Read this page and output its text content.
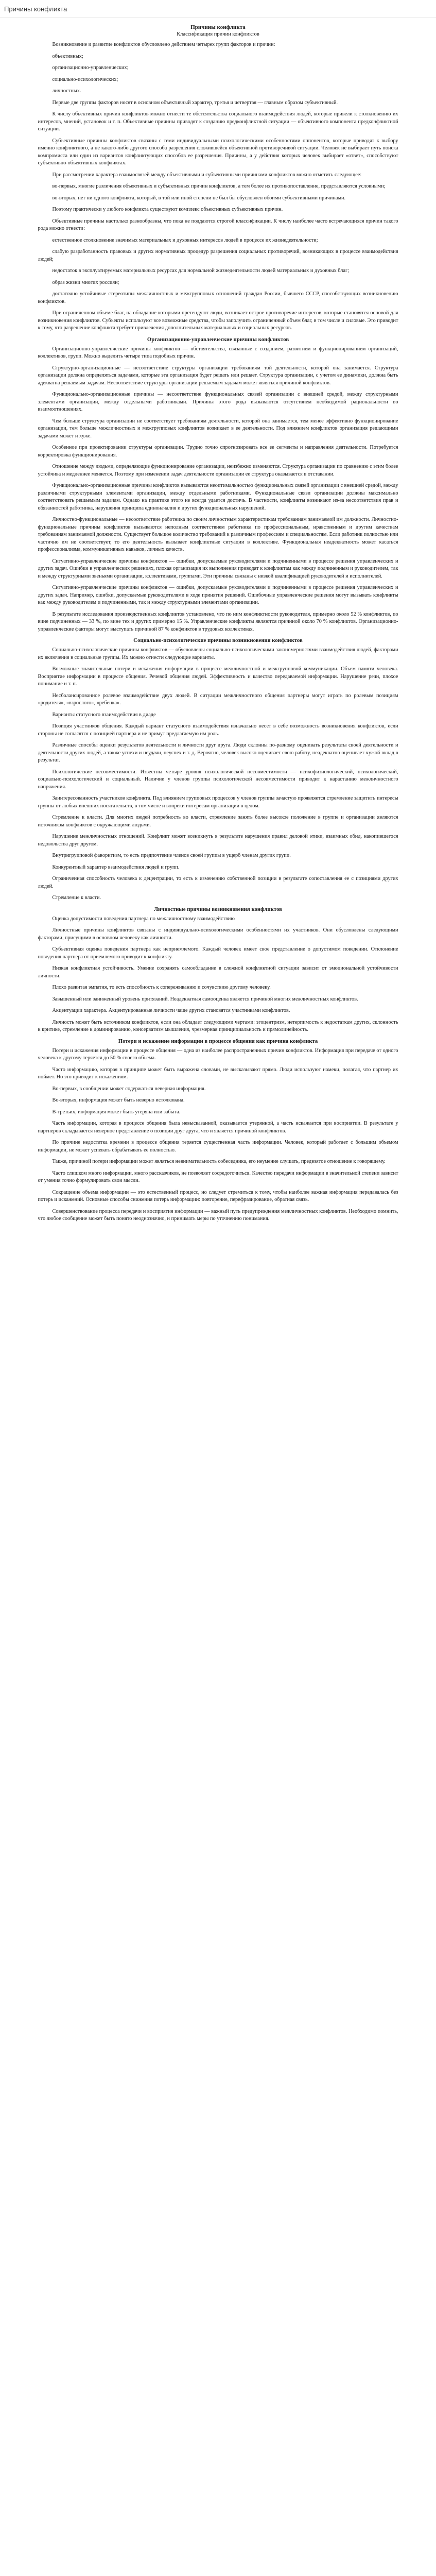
Причины конфликта
Причины конфликта
Классификация причин конфликтов
Возникновение и развитие конфликтов обусловлено действием четырех групп факторов и причин:
объективных;
организационно-управленческих;
социально-психологических;
личностных.
Первые две группы факторов носят в основном объективный характер, третья и четвертая — главным образом субъективный.
К числу объективных причин конфликтов можно отнести те обстоятельства социального взаимодействия людей, которые привели к столкновению их интересов, мнений, установок и т. п. Объективные причины приводят к созданию предконфликтной ситуации — объективного компонента предконфликтной ситуации.
Субъективные причины конфликтов связаны с теми индивидуальными психологическими особенностями оппонентов, которые приводят к выбору именно конфликтного, а не какого-либо другого способа разрешения сложившейся объективной противоречивой ситуации. Человек не выбирает путь поиска компромисса или один из вариантов конфликтующих способов ее разрешения. Причины, а у действия которых человек выбирает «ответ», способствуют субъективно-объективных конфликтах.
При рассмотрении характера взаимосвязей между объективными и субъективными причинами конфликтов можно отметить следующее:
во-первых, многие различения объективных и субъективных причин конфликтов, а тем более их противопоставление, представляются условными;
во-вторых, нет ни одного конфликта, который, в той или иной степени не был бы обусловлен обоими субъективными причинами.
Поэтому практически у любого конфликта существуют комплекс объективных субъективных причин.
Объективные причины настолько разнообразны, что пока не поддаются строгой классификации. К числу наиболее часто встречающихся причин такого рода можно отнести:
естественное столкновение значимых материальных и духовных интересов людей в процессе их жизнедеятельности;
слабую разработанность правовых и других нормативных процедур разрешения социальных противоречий, возникающих в процессе взаимодействия людей;
недостаток в эксплуатируемых материальных ресурсах для нормальной жизнедеятельности людей материальных и духовных благ;
образ жизни многих россиян;
достаточно устойчивые стереотипы межличностных и межгрупповых отношений граждан России, бывшего СССР, способствующих возникновению конфликтов.
При ограниченном объеме благ, на обладание которыми претендуют люди, возникает острое противоречие интересов, которые становятся основой для возникновения конфликтов. Субъекты используют все возможные средства, чтобы заполучить ограниченный объем благ, в том числе и силовые. Это приводит к тому, что разрешение конфликта требует привлечения дополнительных материальных и социальных ресурсов.
Организационно-управленческие причины конфликтов
Организационно-управленческие причины конфликтов — обстоятельства, связанные с созданием, развитием и функционированием организаций, коллективов, групп. Можно выделить четыре типа подобных причин.
Структурно-организационные — несоответствие структуры организации требованиям той деятельности, которой она занимается. Структура организации должна определяться задачами, которые эта организация будет решать или решает. Структура организации, с учетом ее динамики, должна быть адекватна решаемым задачам. Несоответствие структуры организации решаемым задачам может являться причиной конфликтов.
Функционально-организационные причины — несоответствие функциональных связей организации с внешней средой, между структурными элементами организации, между отдельными работниками. Причины этого рода вызываются отсутствием необходимой рациональности во взаимоотношениях.
Чем больше структура организации не соответствует требованиям деятельности, которой она занимается, тем менее эффективно функционирование организации, тем больше межличностных и межгрупповых конфликтов возникает в ее деятельности. Под влиянием конфликтов организация решающими задачами может и хуже.
Особенное при проектировании структуры организации. Трудно точно спрогнозировать все ее сегменты и направления деятельности. Потребуется корректировка функционирования.
Отношение между людьми, определяющие функционирование организации, неизбежно изменяются. Структура организации по сравнению с этим более устойчива и медленнее меняется. Поэтому при изменении задач деятельности организации ее структура оказывается в отставании.
Функционально-организационные причины конфликтов вызываются неоптимальностью функциональных связей организации с внешней средой, между различными структурными элементами организации, между отдельными работниками. Функциональные связи организации должны максимально соответствовать решаемым задачам. Однако на практике этого не всегда удается достичь. В частности, конфликты возникают из-за несоответствия прав и обязанностей работника, нарушения принципа единоначалия и других функциональных нарушений.
Личностно-функциональные — несоответствие работника по своим личностным характеристикам требованиям занимаемой им должности. Личностно-функциональные причины конфликтов вызываются неполным соответствием работника по профессиональным, нравственным и другим качествам требованиям занимаемой должности. Существует большое количество требований к различным профессиям и специальностям. Если работник полностью или частично им не соответствует, то его деятельность вызывает конфликтные ситуации в коллективе. Функциональная неадекватность может касаться профессионализма, коммуникативных навыков, личных качеств.
Ситуативно-управленческие причины конфликтов — ошибки, допускаемые руководителями и подчиненными в процессе решения управленческих и других задач. Ошибки в управленческих решениях, плохая организация их выполнения приводят к конфликтам как между подчиненным и руководителем, так и между структурными звеньями организации, коллективами, группами. Эти причины связаны с низкой квалификацией руководителей и исполнителей.
Ситуативно-управленческие причины конфликтов — ошибки, допускаемые руководителями и подчиненными в процессе решения управленческих и других задач. Например, ошибки, допускаемые руководителями в ходе принятия решений. Ошибочные управленческие решения могут вызывать конфликты как между руководителем и подчиненными, так и между структурными элементами организации.
В результате исследования производственных конфликтов установлено, что по ним конфликтности руководителя, примерно около 52 % конфликтов, по вине подчиненных — 33 %, по вине тех и других примерно 15 %. Управленческие конфликты являются причиной около 70 % конфликтов. Организационно-управленческие факторы могут выступать причиной 87 % конфликтов в трудовых коллективах.
Социально-психологические причины возникновения конфликтов
Социально-психологические причины конфликтов — обусловлены социально-психологическими закономерностями взаимодействия людей, факторами их включения в социальные группы. Их можно отнести следующие варианты.
Возможные значительные потери и искажения информации в процессе межличностной и межгрупповой коммуникации. Объем памяти человека. Восприятие информации в процессе общения. Речевой общения людей. Эффективность и качество передаваемой информации. Нарушение речи, плохое понимание и т. п.
Несбалансированное ролевое взаимодействие двух людей. В ситуации межличностного общения партнеры могут играть по ролевым позициям «родителя», «взрослого», «ребенка».
Варианты статусного взаимодействия в диаде
Позиция участников общения. Каждый вариант статусного взаимодействия изначально несет в себе возможность возникновения конфликтов, если стороны не согласятся с позицией партнера и не примут предлагаемую им роль.
Различные способы оценки результатов деятельности и личности друг друга. Люди склонны по-разному оценивать результаты своей деятельности и деятельности других людей, а также успехи и неудачи, неуспех и т. д. Вероятно, человек высоко оценивает свою работу, неадекватно оценивает чужой вклад в результат.
Психологические несовместимости. Известны четыре уровня психологической несовместимости — психофизиологический, психологический, социально-психологический и социальный. Наличие у членов группы психологической несовместимости приводит к нарастанию межличностного напряжения.
Заинтересованность участников конфликта. Под влиянием групповых процессов у членов группы зачастую проявляется стремление защитить интересы группы от любых внешних посягательств, в том числе и вопреки интересам организации в целом.
Стремление к власти. Для многих людей потребность во власти, стремление занять более высокое положение в группе и организации являются источником конфликтов с окружающими людьми.
Нарушение межличностных отношений. Конфликт может возникнуть в результате нарушения правил деловой этики, взаимных обид, накопившегося недовольства друг другом.
Внутригрупповой фаворитизм, то есть предпочтение членов своей группы в ущерб членам других групп.
Конкурентный характер взаимодействия людей и групп.
Ограниченная способность человека к децентрации, то есть к изменению собственной позиции в результате сопоставления ее с позициями других людей.
Стремление к власти.
Личностные причины возникновения конфликтов
Оценка допустимости поведения партнера по межличностному взаимодействию
Личностные причины конфликтов связаны с индивидуально-психологическими особенностями их участников. Они обусловлены следующими факторами, присущими в основном человеку как личности.
Субъективная оценка поведения партнера как неприемлемого. Каждый человек имеет свое представление о допустимом поведении. Отклонение поведения партнера от приемлемого приводит к конфликту.
Низкая конфликтная устойчивость. Умение сохранять самообладание в сложной конфликтной ситуации зависит от эмоциональной устойчивости личности.
Плохо развитая эмпатия, то есть способность к сопереживанию и сочувствию другому человеку.
Завышенный или заниженный уровень притязаний. Неадекватная самооценка является причиной многих межличностных конфликтов.
Акцентуации характера. Акцентуированные личности чаще других становятся участниками конфликтов.
Личность может быть источником конфликтов, если она обладает следующими чертами: эгоцентризм, нетерпимость к недостаткам других, склонность к критике, стремление к доминированию, консерватизм мышления, чрезмерная принципиальность и прямолинейность.
Потери и искажение информации в процессе общения как причина конфликта
Потери и искажения информации в процессе общения — одна из наиболее распространенных причин конфликтов. Информация при передаче от одного человека к другому теряется до 50 % своего объема.
Часто информацию, которая в принципе может быть выражена словами, не высказывают прямо. Люди используют намеки, полагая, что партнер их поймет. Но это приводит к искажениям.
Во-первых, в сообщении может содержаться неверная информация.
Во-вторых, информация может быть неверно истолкована.
В-третьих, информация может быть утеряна или забыта.
Часть информации, которая в процессе общения была невысказанной, оказывается утерянной, а часть искажается при восприятии. В результате у партнеров складывается неверное представление о позиции друг друга, что и является причиной конфликтов.
По причине недостатка времени в процессе общения теряется существенная часть информации. Человек, который работает с большим объемом информации, не может успевать обрабатывать ее полностью.
Также, причиной потери информации может являться невнимательность собеседника, его неумение слушать, предвзятое отношение к говорящему.
Часто слишком много информации, много рассказчиков, не позволяет сосредоточиться. Качество передачи информации в значительной степени зависит от умения точно формулировать свои мысли.
Сокращение объема информации — это естественный процесс, но следует стремиться к тому, чтобы наиболее важная информация передавалась без потерь и искажений. Основные способы снижения потерь информации: повторение, перефразирование, обратная связь.
Совершенствование процесса передачи и восприятия информации — важный путь предупреждения межличностных конфликтов. Необходимо помнить, что любое сообщение может быть понято неоднозначно, и принимать меры по уточнению понимания.
